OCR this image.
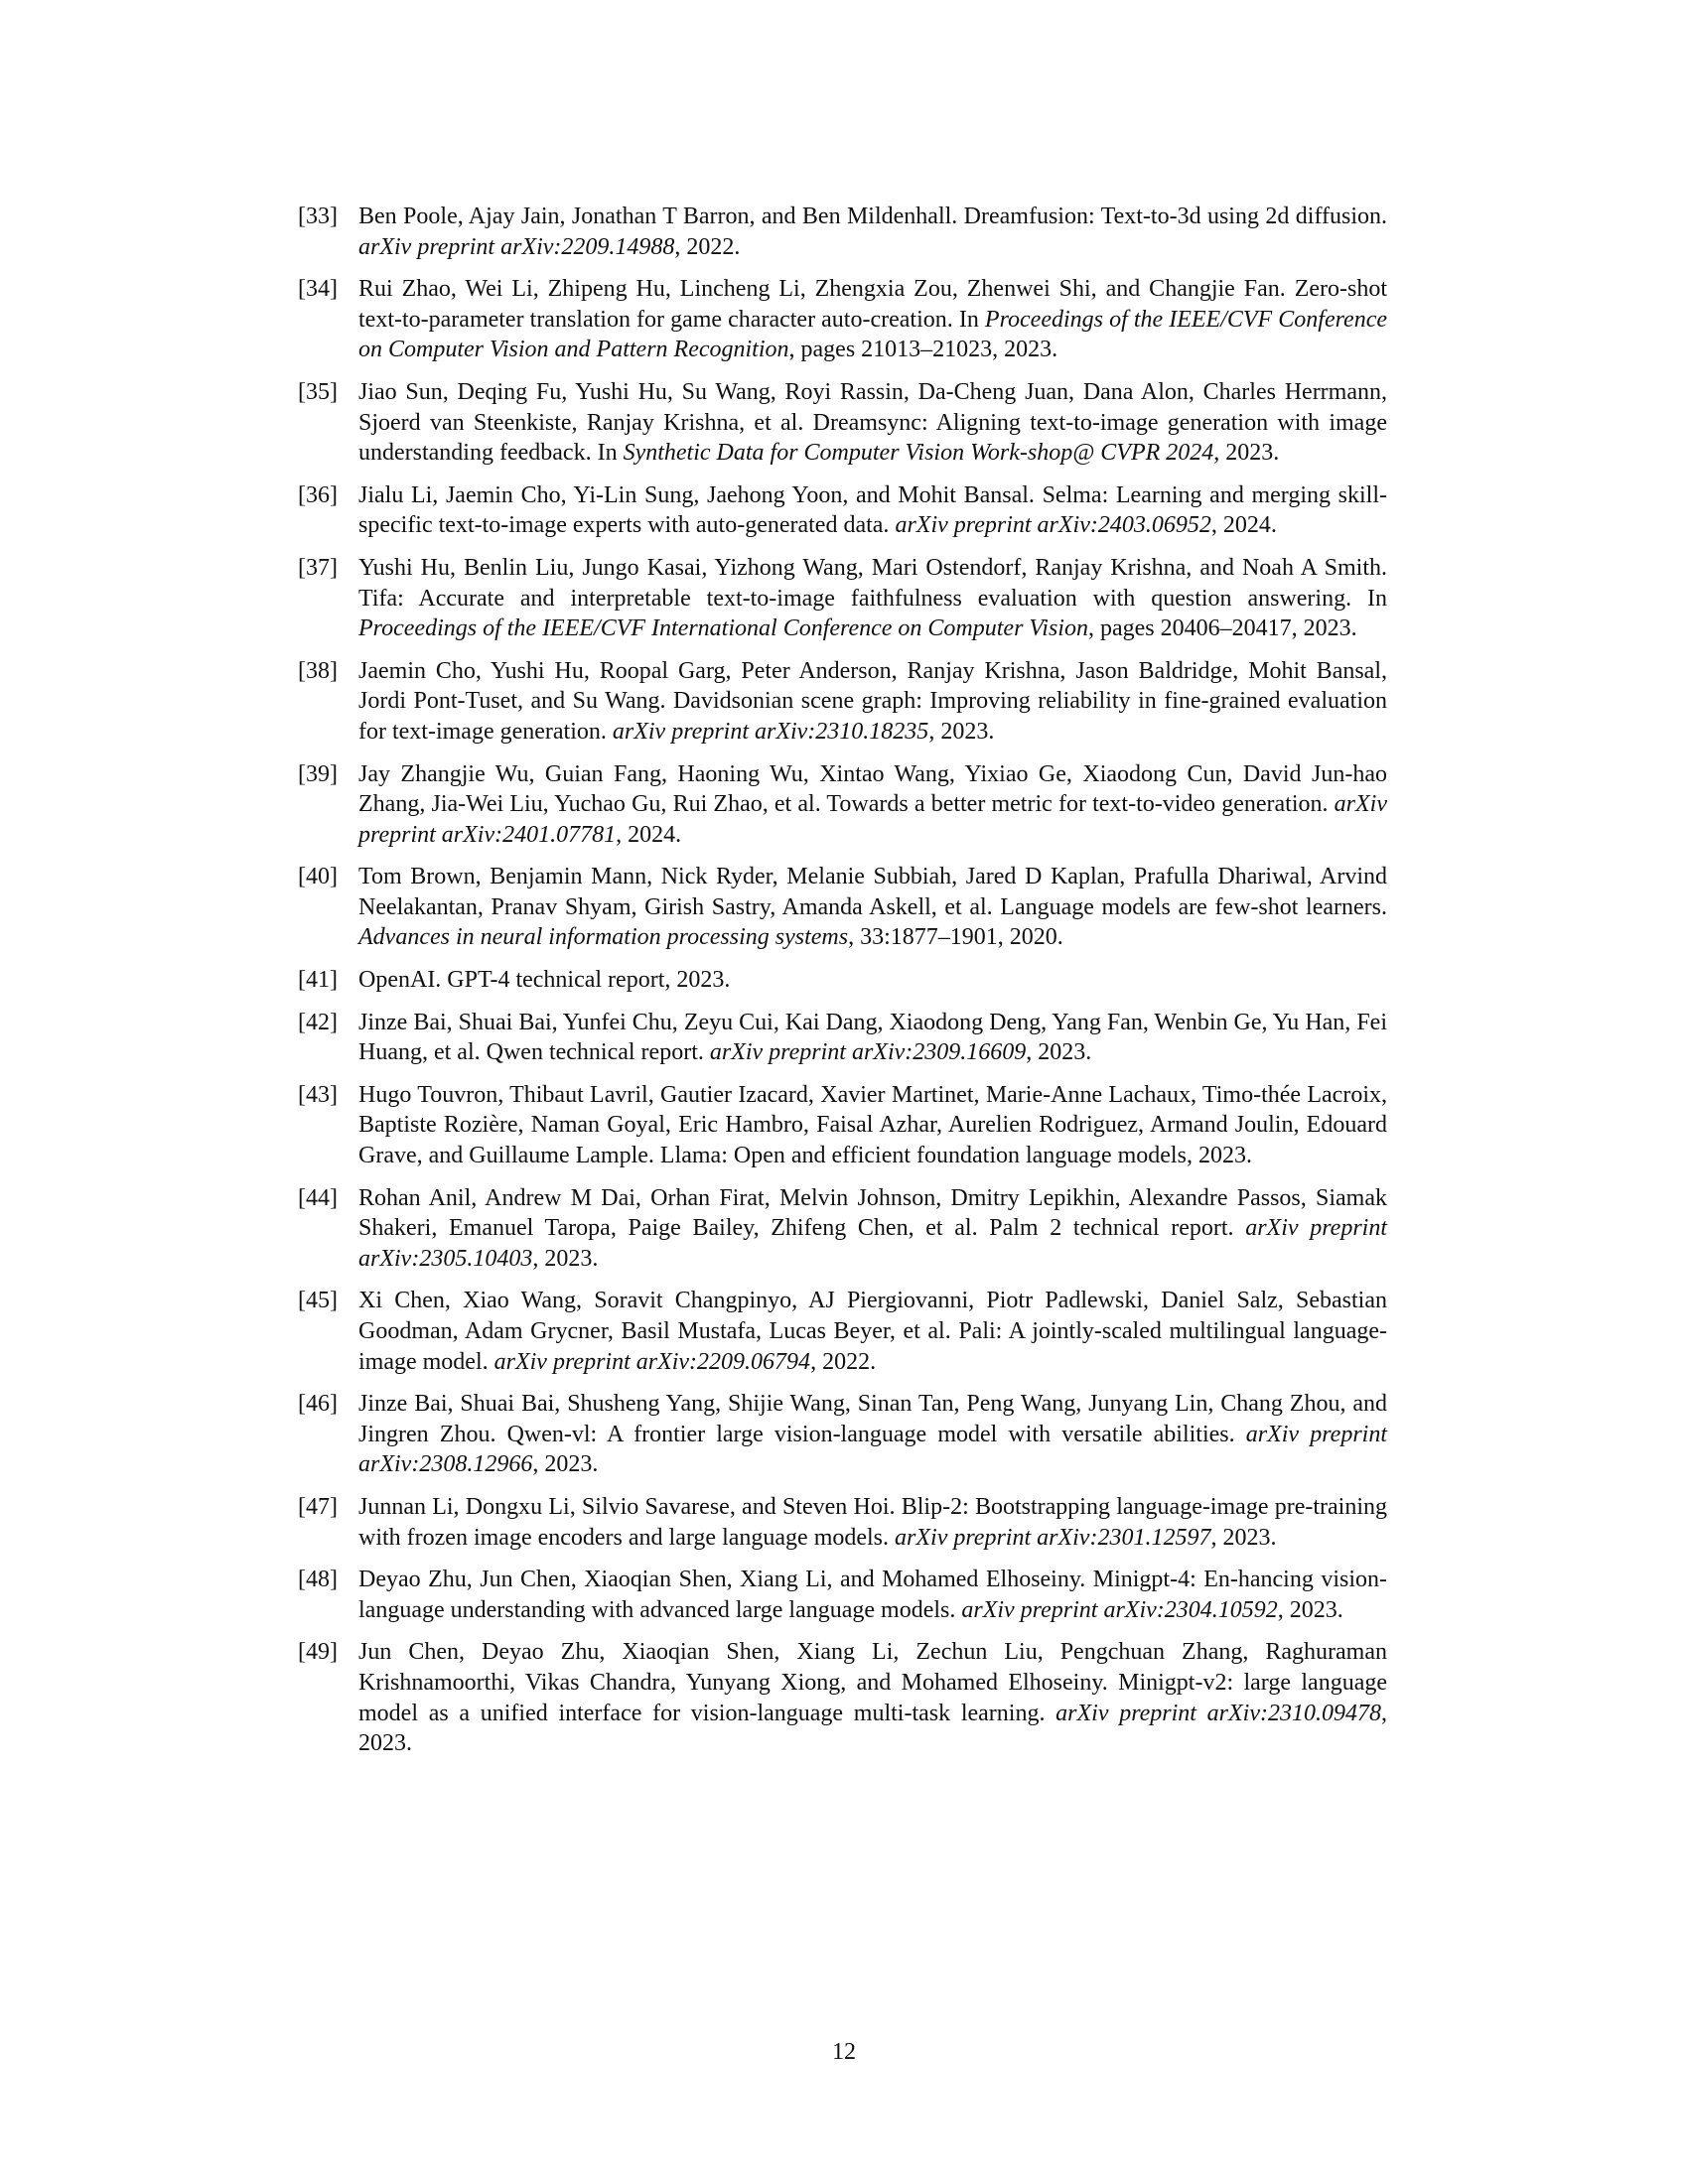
[33] Ben Poole, Ajay Jain, Jonathan T Barron, and Ben Mildenhall. Dreamfusion: Text-to-3d using 2d diffusion. arXiv preprint arXiv:2209.14988, 2022.
[34] Rui Zhao, Wei Li, Zhipeng Hu, Lincheng Li, Zhengxia Zou, Zhenwei Shi, and Changjie Fan. Zero-shot text-to-parameter translation for game character auto-creation. In Proceedings of the IEEE/CVF Conference on Computer Vision and Pattern Recognition, pages 21013–21023, 2023.
[35] Jiao Sun, Deqing Fu, Yushi Hu, Su Wang, Royi Rassin, Da-Cheng Juan, Dana Alon, Charles Herrmann, Sjoerd van Steenkiste, Ranjay Krishna, et al. Dreamsync: Aligning text-to-image generation with image understanding feedback. In Synthetic Data for Computer Vision Work-shop@ CVPR 2024, 2023.
[36] Jialu Li, Jaemin Cho, Yi-Lin Sung, Jaehong Yoon, and Mohit Bansal. Selma: Learning and merging skill-specific text-to-image experts with auto-generated data. arXiv preprint arXiv:2403.06952, 2024.
[37] Yushi Hu, Benlin Liu, Jungo Kasai, Yizhong Wang, Mari Ostendorf, Ranjay Krishna, and Noah A Smith. Tifa: Accurate and interpretable text-to-image faithfulness evaluation with question answering. In Proceedings of the IEEE/CVF International Conference on Computer Vision, pages 20406–20417, 2023.
[38] Jaemin Cho, Yushi Hu, Roopal Garg, Peter Anderson, Ranjay Krishna, Jason Baldridge, Mohit Bansal, Jordi Pont-Tuset, and Su Wang. Davidsonian scene graph: Improving reliability in fine-grained evaluation for text-image generation. arXiv preprint arXiv:2310.18235, 2023.
[39] Jay Zhangjie Wu, Guian Fang, Haoning Wu, Xintao Wang, Yixiao Ge, Xiaodong Cun, David Jun-hao Zhang, Jia-Wei Liu, Yuchao Gu, Rui Zhao, et al. Towards a better metric for text-to-video generation. arXiv preprint arXiv:2401.07781, 2024.
[40] Tom Brown, Benjamin Mann, Nick Ryder, Melanie Subbiah, Jared D Kaplan, Prafulla Dhariwal, Arvind Neelakantan, Pranav Shyam, Girish Sastry, Amanda Askell, et al. Language models are few-shot learners. Advances in neural information processing systems, 33:1877–1901, 2020.
[41] OpenAI. GPT-4 technical report, 2023.
[42] Jinze Bai, Shuai Bai, Yunfei Chu, Zeyu Cui, Kai Dang, Xiaodong Deng, Yang Fan, Wenbin Ge, Yu Han, Fei Huang, et al. Qwen technical report. arXiv preprint arXiv:2309.16609, 2023.
[43] Hugo Touvron, Thibaut Lavril, Gautier Izacard, Xavier Martinet, Marie-Anne Lachaux, Timo-thée Lacroix, Baptiste Rozière, Naman Goyal, Eric Hambro, Faisal Azhar, Aurelien Rodriguez, Armand Joulin, Edouard Grave, and Guillaume Lample. Llama: Open and efficient foundation language models, 2023.
[44] Rohan Anil, Andrew M Dai, Orhan Firat, Melvin Johnson, Dmitry Lepikhin, Alexandre Passos, Siamak Shakeri, Emanuel Taropa, Paige Bailey, Zhifeng Chen, et al. Palm 2 technical report. arXiv preprint arXiv:2305.10403, 2023.
[45] Xi Chen, Xiao Wang, Soravit Changpinyo, AJ Piergiovanni, Piotr Padlewski, Daniel Salz, Sebastian Goodman, Adam Grycner, Basil Mustafa, Lucas Beyer, et al. Pali: A jointly-scaled multilingual language-image model. arXiv preprint arXiv:2209.06794, 2022.
[46] Jinze Bai, Shuai Bai, Shusheng Yang, Shijie Wang, Sinan Tan, Peng Wang, Junyang Lin, Chang Zhou, and Jingren Zhou. Qwen-vl: A frontier large vision-language model with versatile abilities. arXiv preprint arXiv:2308.12966, 2023.
[47] Junnan Li, Dongxu Li, Silvio Savarese, and Steven Hoi. Blip-2: Bootstrapping language-image pre-training with frozen image encoders and large language models. arXiv preprint arXiv:2301.12597, 2023.
[48] Deyao Zhu, Jun Chen, Xiaoqian Shen, Xiang Li, and Mohamed Elhoseiny. Minigpt-4: En-hancing vision-language understanding with advanced large language models. arXiv preprint arXiv:2304.10592, 2023.
[49] Jun Chen, Deyao Zhu, Xiaoqian Shen, Xiang Li, Zechun Liu, Pengchuan Zhang, Raghuraman Krishnamoorthi, Vikas Chandra, Yunyang Xiong, and Mohamed Elhoseiny. Minigpt-v2: large language model as a unified interface for vision-language multi-task learning. arXiv preprint arXiv:2310.09478, 2023.
12
